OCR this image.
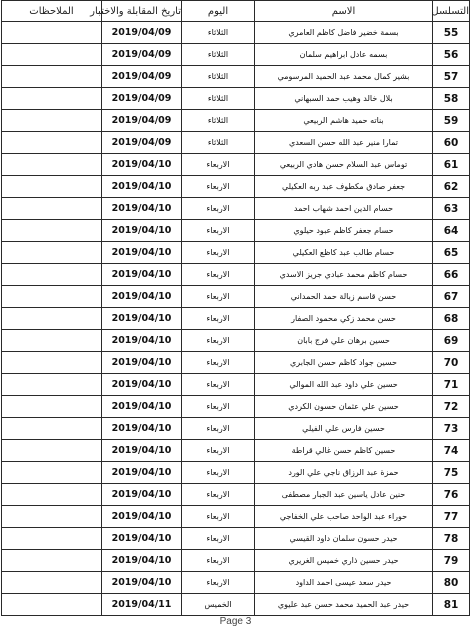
التسلسل	الاسم	اليوم	تاريخ المقابلة والاختبار	الملاحظات
55	بسمة خضير فاضل كاظم العامري	الثلاثاء	2019/04/09	
56	بسمه عادل ابراهيم سلمان	الثلاثاء	2019/04/09	
57	بشير كمال محمد عبد الحميد المرسومي	الثلاثاء	2019/04/09	
58	بلال خالد وهيب حمد السبهاني	الثلاثاء	2019/04/09	
59	بناته حميد هاشم الربيعي	الثلاثاء	2019/04/09	
60	تمارا منير عبد الله حسن السعدي	الثلاثاء	2019/04/09	
61	توماس عبد السلام حسن هادي الربيعي	الاربعاء	2019/04/10	
62	جعفر صادق مكطوف عبد ربه العكيلي	الاربعاء	2019/04/10	
63	حسام الدين احمد شهاب احمد	الاربعاء	2019/04/10	
64	حسام جعفر كاظم عبود حيلوي	الاربعاء	2019/04/10	
65	حسام طالب عبد كاظع العكيلي	الاربعاء	2019/04/10	
66	حسام كاظم محمد عبادي جريز الاسدي	الاربعاء	2019/04/10	
67	حسن قاسم زبالة حمد الحمداني	الاربعاء	2019/04/10	
68	حسن محمد زكي محمود الصفار	الاربعاء	2019/04/10	
69	حسين برهان علي فرج بابان	الاربعاء	2019/04/10	
70	حسين جواد كاظم حسن الجابري	الاربعاء	2019/04/10	
71	حسين علي داود عبد الله الموالي	الاربعاء	2019/04/10	
72	حسين علي عثمان حسون الكردي	الاربعاء	2019/04/10	
73	حسين فارس علي الفيلي	الاربعاء	2019/04/10	
74	حسين كاظم حسن غالي قراطة	الاربعاء	2019/04/10	
75	حمزة عبد الرزاق ناجي علي الورد	الاربعاء	2019/04/10	
76	حنين عادل ياسين عبد الجبار مصطفى	الاربعاء	2019/04/10	
77	حوراء عبد الواحد صاحب علي الخفاجي	الاربعاء	2019/04/10	
78	حيدر حسون سلمان داود القيسي	الاربعاء	2019/04/10	
79	حيدر حسين ذاري خميس الغريري	الاربعاء	2019/04/10	
80	حيدر سعد عيسى احمد الداود	الاربعاء	2019/04/10	
81	حيدر عبد الحميد محمد حسن عبد عليوي	الخميس	2019/04/11	
Page 3
